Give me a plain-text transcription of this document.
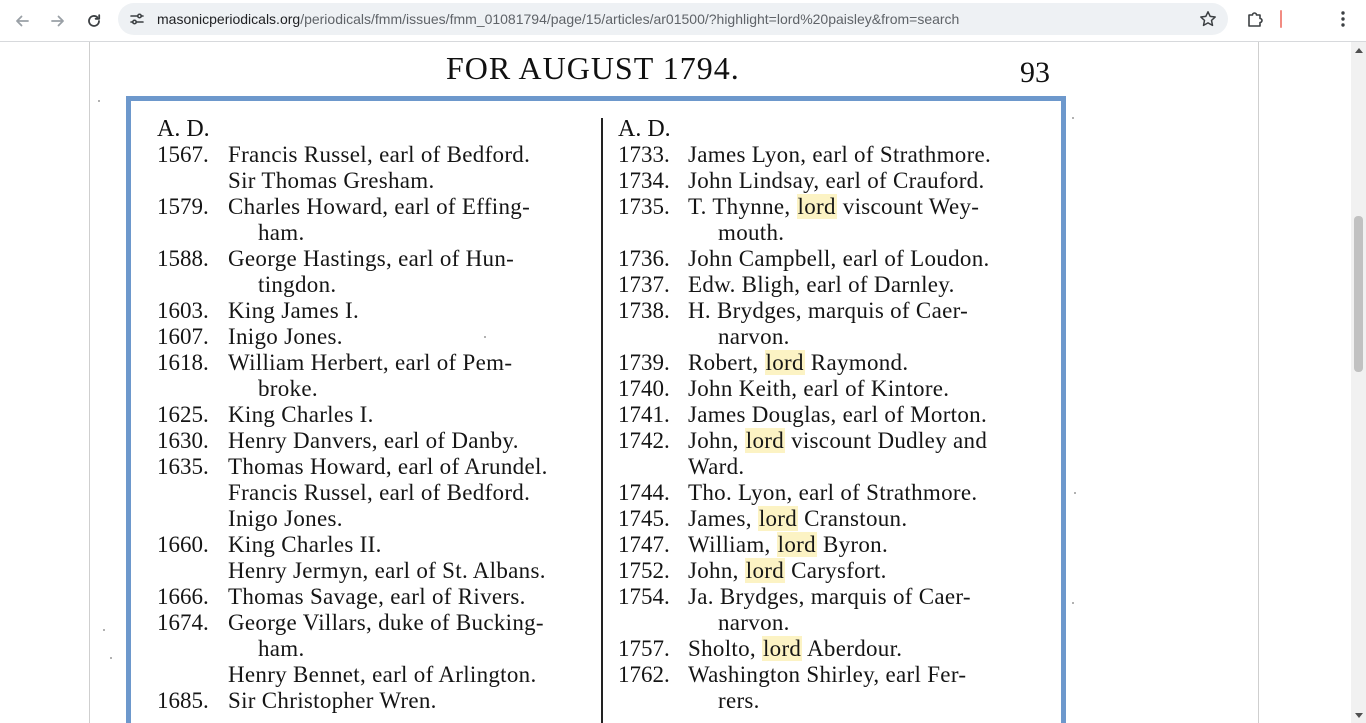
masonicperiodicals.org/periodicals/fmm/issues/fmm_01081794/page/15/articles/ar01500/?highlight=lord%20paisley&from=search
FOR AUGUST 1794.	93
A. D.	A. D.
1567. Francis Russel, earl of Bedford.
Sir Thomas Gresham.
1579. Charles Howard, earl of Effing-
ham.
1588. George Hastings, earl of Hun-
tingdon.
1603. King James I.
1607. Inigo Jones.
1618. William Herbert, earl of Pem-
broke.
1625. King Charles I.
1630. Henry Danvers, earl of Danby.
1635. Thomas Howard, earl of Arundel.
Francis Russel, earl of Bedford.
Inigo Jones.
1660. King Charles II.
Henry Jermyn, earl of St. Albans.
1666. Thomas Savage, earl of Rivers.
1674. George Villars, duke of Bucking-
ham.
Henry Bennet, earl of Arlington.
1685. Sir Christopher Wren.
1733. James Lyon, earl of Strathmore.
1734. John Lindsay, earl of Crauford.
1735. T. Thynne, lord viscount Wey-
mouth.
1736. John Campbell, earl of Loudon.
1737. Edw. Bligh, earl of Darnley.
1738. H. Brydges, marquis of Caer-
narvon.
1739. Robert, lord Raymond.
1740. John Keith, earl of Kintore.
1741. James Douglas, earl of Morton.
1742. John, lord viscount Dudley and
Ward.
1744. Tho. Lyon, earl of Strathmore.
1745. James, lord Cranstoun.
1747. William, lord Byron.
1752. John, lord Carysfort.
1754. Ja. Brydges, marquis of Caer-
narvon.
1757. Sholto, lord Aberdour.
1762. Washington Shirley, earl Fer-
rers.
